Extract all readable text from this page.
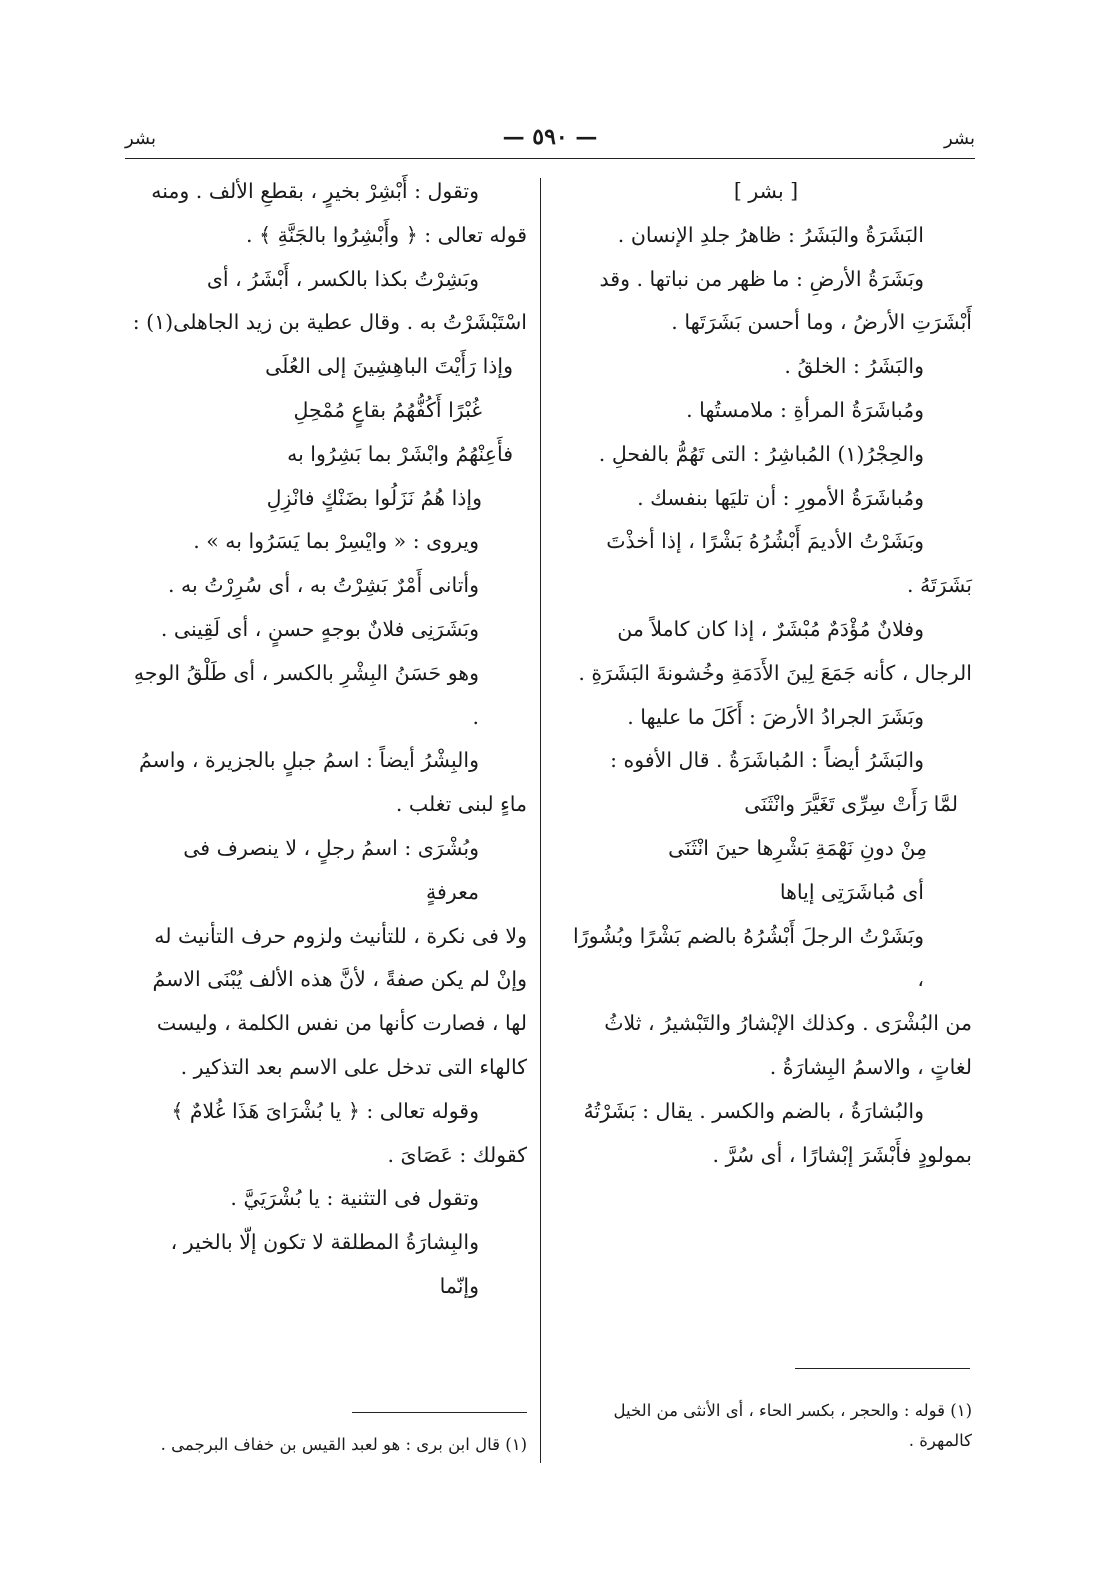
بشر	— ٥٩٠ —	بشر

[ بشر ]

البَشَرَةُ والبَشَرُ : ظاهرُ جلدِ الإنسان .

وبَشَرَةُ الأرضِ : ما ظهر من نباتها . وقد

أَبْشَرَتِ الأرضُ ، وما أحسن بَشَرَتَها .

والبَشَرُ : الخلقُ .

ومُباشَرَةُ المرأةِ : ملامستُها .

والحِجْرُ(١) المُباشِرُ : التى تَهُمُّ بالفحلِ .

ومُباشَرَةُ الأمورِ : أن تليَها بنفسك .

وبَشَرْتُ الأديمَ أَبْشُرُهُ بَشْرًا ، إذا أخذْتَ

بَشَرَتَهُ .

وفلانٌ مُؤْدَمٌ مُبْشَرٌ ، إذا كان كاملاً من

الرجال ، كأنه جَمَعَ لِينَ الأَدَمَةِ وخُشونةَ البَشَرَةِ .

وبَشَرَ الجرادُ الأرضَ : أَكَلَ ما عليها .

والبَشَرُ أيضاً : المُباشَرَةُ . قال الأفوه :

لمَّا رَأَتْ سِرِّى تَغَيَّرَ وانْثَنَى

مِنْ دونِ نَهْمَةِ بَشْرِها حينَ انْثَنَى

أى مُباشَرَتِى إياها

وبَشَرْتُ الرجلَ أَبْشُرُهُ بالضم بَشْرًا وبُشُورًا ،

من البُشْرَى . وكذلك الإبْشارُ والتَبْشيرُ ، ثلاثُ

لغاتٍ ، والاسمُ البِشارَةُ .

والبُشارَةُ ، بالضم والكسر . يقال : بَشَرْتُهُ

بمولودٍ فأَبْشَرَ إبْشارًا ، أى سُرَّ .

وتقول : أَبْشِرْ بخيرٍ ، بقطعِ الألف . ومنه

قوله تعالى : ﴿ وأَبْشِرُوا بالجَنَّةِ ﴾ .

وبَشِرْتُ بكذا بالكسر ، أَبْشَرُ ، أى

اسْتَبْشَرْتُ به . وقال عطية بن زيد الجاهلى(١) :

وإذا رَأَيْتَ الباهِشِينَ إلى العُلَى

غُبْرًا أَكُفُّهُمُ بقاعٍ مُمْحِلِ

فأَعِنْهُمُ وابْشَرْ بما بَشِرُوا به

وإذا هُمُ نَزَلُوا بضَنْكٍ فانْزِلِ

ويروى : « وايْسِرْ بما يَسَرُوا به » .

وأتانى أَمْرٌ بَشِرْتُ به ، أى سُرِرْتُ به .

وبَشَرَنِى فلانٌ بوجهٍ حسنٍ ، أى لَقِينى .

وهو حَسَنُ البِشْرِ بالكسر ، أى طَلْقُ الوجهِ .

والبِشْرُ أيضاً : اسمُ جبلٍ بالجزيرة ، واسمُ

ماءٍ لبنى تغلب .

وبُشْرَى : اسمُ رجلٍ ، لا ينصرف فى معرفةٍ

ولا فى نكرة ، للتأنيث ولزوم حرف التأنيث له

وإنْ لم يكن صفةً ، لأنَّ هذه الألف يُبْنَى الاسمُ

لها ، فصارت كأنها من نفس الكلمة ، وليست

كالهاء التى تدخل على الاسم بعد التذكير .

وقوله تعالى : ﴿ يا بُشْرَاىَ هَذَا غُلامٌ ﴾

كقولك : عَصَاىَ .

وتقول فى التثنية : يا بُشْرَيَيَّ .

والبِشارَةُ المطلقة لا تكون إلّا بالخير ، وإنّما

(١) قوله : والحجر ، بكسر الحاء ، أى الأنثى من الخيل
كالمهرة .
(١) قال ابن برى : هو لعبد القيس بن خفاف البرجمى .
